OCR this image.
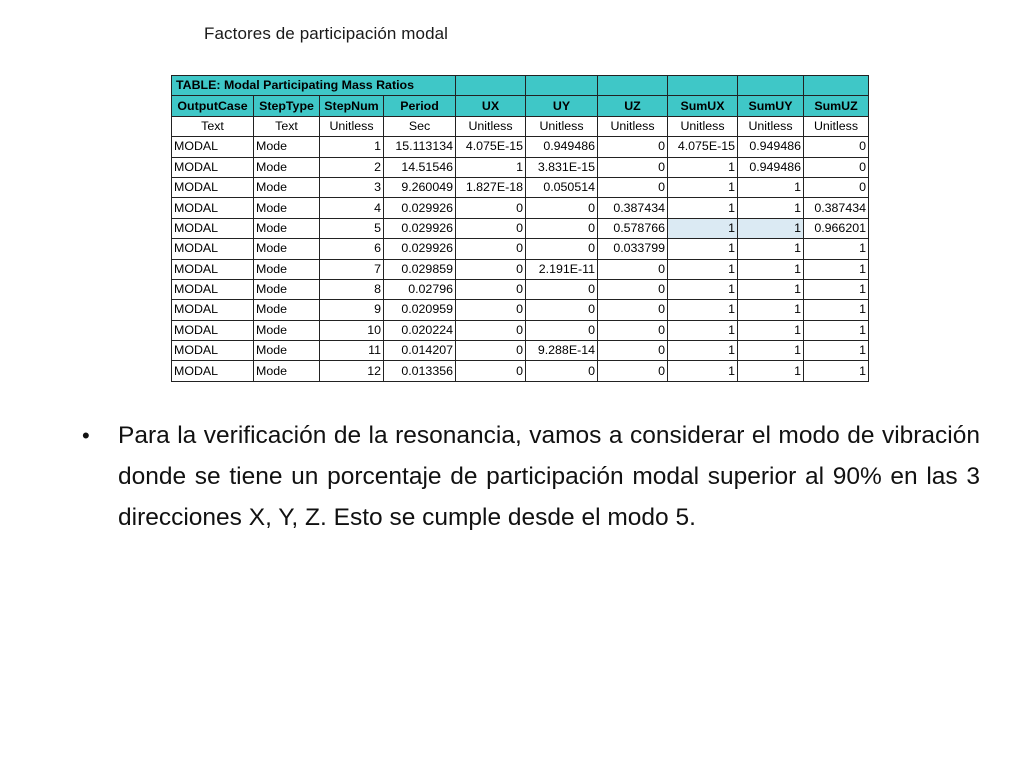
Factores de participación modal
TABLE: Modal Participating Mass Ratios									
OutputCase	StepType	StepNum	Period	UX	UY	UZ	SumUX	SumUY	SumUZ
Text	Text	Unitless	Sec	Unitless	Unitless	Unitless	Unitless	Unitless	Unitless
MODAL	Mode	1	15.113134	4.075E-15	0.949486	0	4.075E-15	0.949486	0
MODAL	Mode	2	14.51546	1	3.831E-15	0	1	0.949486	0
MODAL	Mode	3	9.260049	1.827E-18	0.050514	0	1	1	0
MODAL	Mode	4	0.029926	0	0	0.387434	1	1	0.387434
MODAL	Mode	5	0.029926	0	0	0.578766	1	1	0.966201
MODAL	Mode	6	0.029926	0	0	0.033799	1	1	1
MODAL	Mode	7	0.029859	0	2.191E-11	0	1	1	1
MODAL	Mode	8	0.02796	0	0	0	1	1	1
MODAL	Mode	9	0.020959	0	0	0	1	1	1
MODAL	Mode	10	0.020224	0	0	0	1	1	1
MODAL	Mode	11	0.014207	0	9.288E-14	0	1	1	1
MODAL	Mode	12	0.013356	0	0	0	1	1	1
• Para la verificación de la resonancia, vamos a considerar el modo de vibración donde se tiene un porcentaje de participación modal superior al 90% en las 3 direcciones X, Y, Z. Esto se cumple desde el modo 5.
